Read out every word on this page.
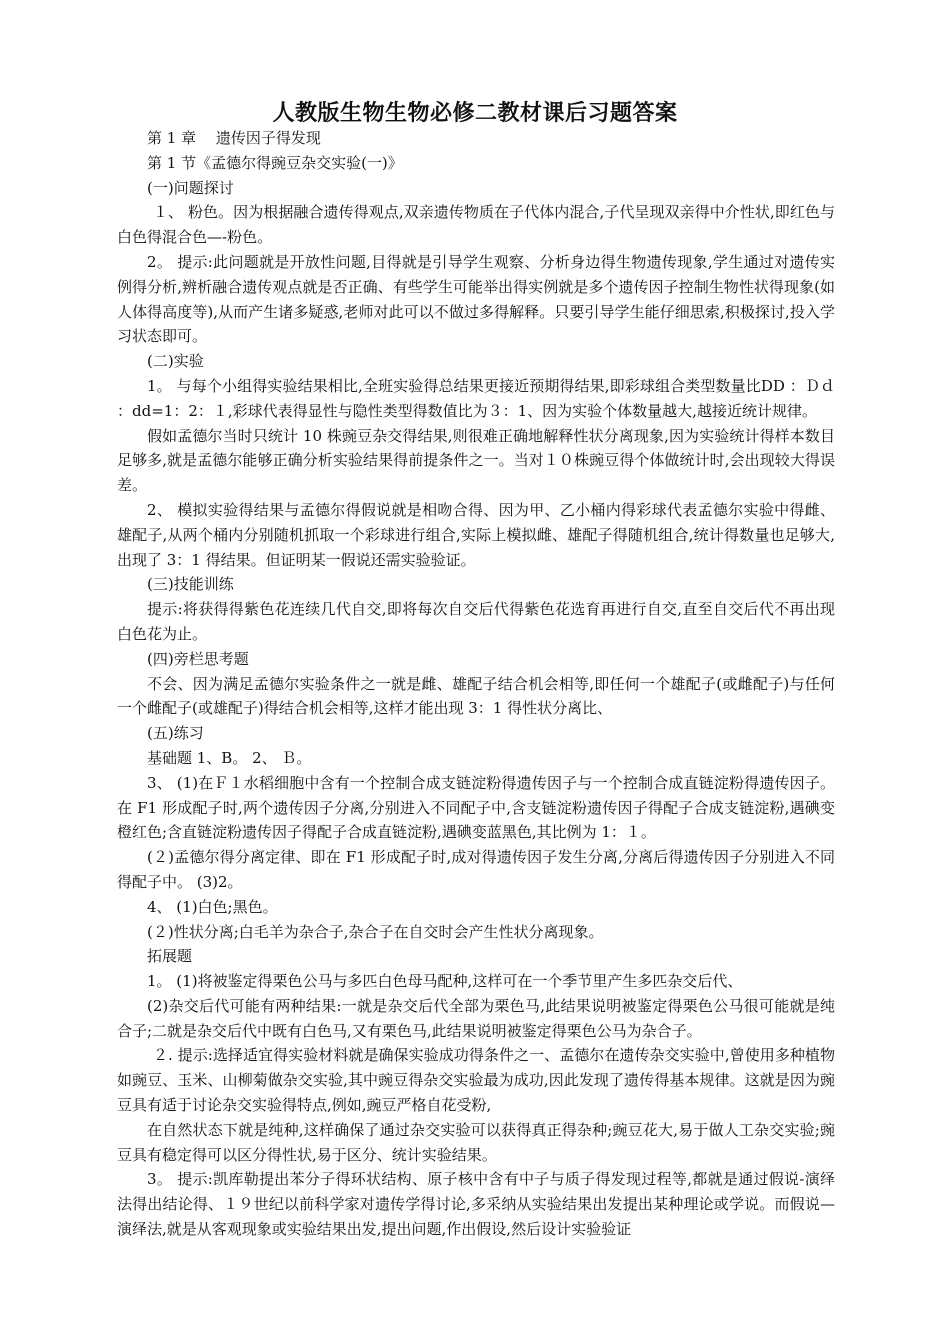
人教版生物生物必修二教材课后习题答案

第 1 章　 遗传因子得发现

第 1 节《孟德尔得豌豆杂交实验(一)》

(一)问题探讨

１、 粉色。因为根据融合遗传得观点,双亲遗传物质在子代体内混合,子代呈现双亲得中介性状,即红色与白色得混合色—-粉色。

2。 提示:此问题就是开放性问题,目得就是引导学生观察、分析身边得生物遗传现象,学生通过对遗传实例得分析,辨析融合遗传观点就是否正确、有些学生可能举出得实例就是多个遗传因子控制生物性状得现象(如人体得高度等),从而产生诸多疑惑,老师对此可以不做过多得解释。只要引导学生能仔细思索,积极探讨,投入学习状态即可。

(二)实验

1。 与每个小组得实验结果相比,全班实验得总结果更接近预期得结果,即彩球组合类型数量比DD ：Ｄｄ ：dd=1：2：１,彩球代表得显性与隐性类型得数值比为３：1、因为实验个体数量越大,越接近统计规律。

假如孟德尔当时只统计 10 株豌豆杂交得结果,则很难正确地解释性状分离现象,因为实验统计得样本数目足够多,就是孟德尔能够正确分析实验结果得前提条件之一。当对１０株豌豆得个体做统计时,会出现较大得误差。

2、 模拟实验得结果与孟德尔得假说就是相吻合得、因为甲、乙小桶内得彩球代表孟德尔实验中得雌、雄配子,从两个桶内分别随机抓取一个彩球进行组合,实际上模拟雌、雄配子得随机组合,统计得数量也足够大,出现了 3：1 得结果。但证明某一假说还需实验验证。

(三)技能训练

提示:将获得得紫色花连续几代自交,即将每次自交后代得紫色花选育再进行自交,直至自交后代不再出现白色花为止。

(四)旁栏思考题

不会、因为满足孟德尔实验条件之一就是雌、雄配子结合机会相等,即任何一个雄配子(或雌配子)与任何一个雌配子(或雄配子)得结合机会相等,这样才能出现 3：1 得性状分离比、

(五)练习

基础题 1、B。 2、 Ｂ。

3、 (1)在Ｆ１水稻细胞中含有一个控制合成支链淀粉得遗传因子与一个控制合成直链淀粉得遗传因子。在 F1 形成配子时,两个遗传因子分离,分别进入不同配子中,含支链淀粉遗传因子得配子合成支链淀粉,遇碘变橙红色;含直链淀粉遗传因子得配子合成直链淀粉,遇碘变蓝黑色,其比例为 1：１。

(２)孟德尔得分离定律、即在 F1 形成配子时,成对得遗传因子发生分离,分离后得遗传因子分别进入不同得配子中。 (3)2。

4、 (1)白色;黑色。

(２)性状分离;白毛羊为杂合子,杂合子在自交时会产生性状分离现象。

拓展题

1。 (1)将被鉴定得栗色公马与多匹白色母马配种,这样可在一个季节里产生多匹杂交后代、

(2)杂交后代可能有两种结果:一就是杂交后代全部为栗色马,此结果说明被鉴定得栗色公马很可能就是纯合子;二就是杂交后代中既有白色马,又有栗色马,此结果说明被鉴定得栗色公马为杂合子。

２. 提示:选择适宜得实验材料就是确保实验成功得条件之一、孟德尔在遗传杂交实验中,曾使用多种植物如豌豆、玉米、山柳菊做杂交实验,其中豌豆得杂交实验最为成功,因此发现了遗传得基本规律。这就是因为豌豆具有适于讨论杂交实验得特点,例如,豌豆严格自花受粉,

在自然状态下就是纯种,这样确保了通过杂交实验可以获得真正得杂种;豌豆花大,易于做人工杂交实验;豌豆具有稳定得可以区分得性状,易于区分、统计实验结果。

3。 提示:凯库勒提出苯分子得环状结构、原子核中含有中子与质子得发现过程等,都就是通过假说-演绎法得出结论得、１９世纪以前科学家对遗传学得讨论,多采纳从实验结果出发提出某种理论或学说。而假说—演绎法,就是从客观现象或实验结果出发,提出问题,作出假设,然后设计实验验证
